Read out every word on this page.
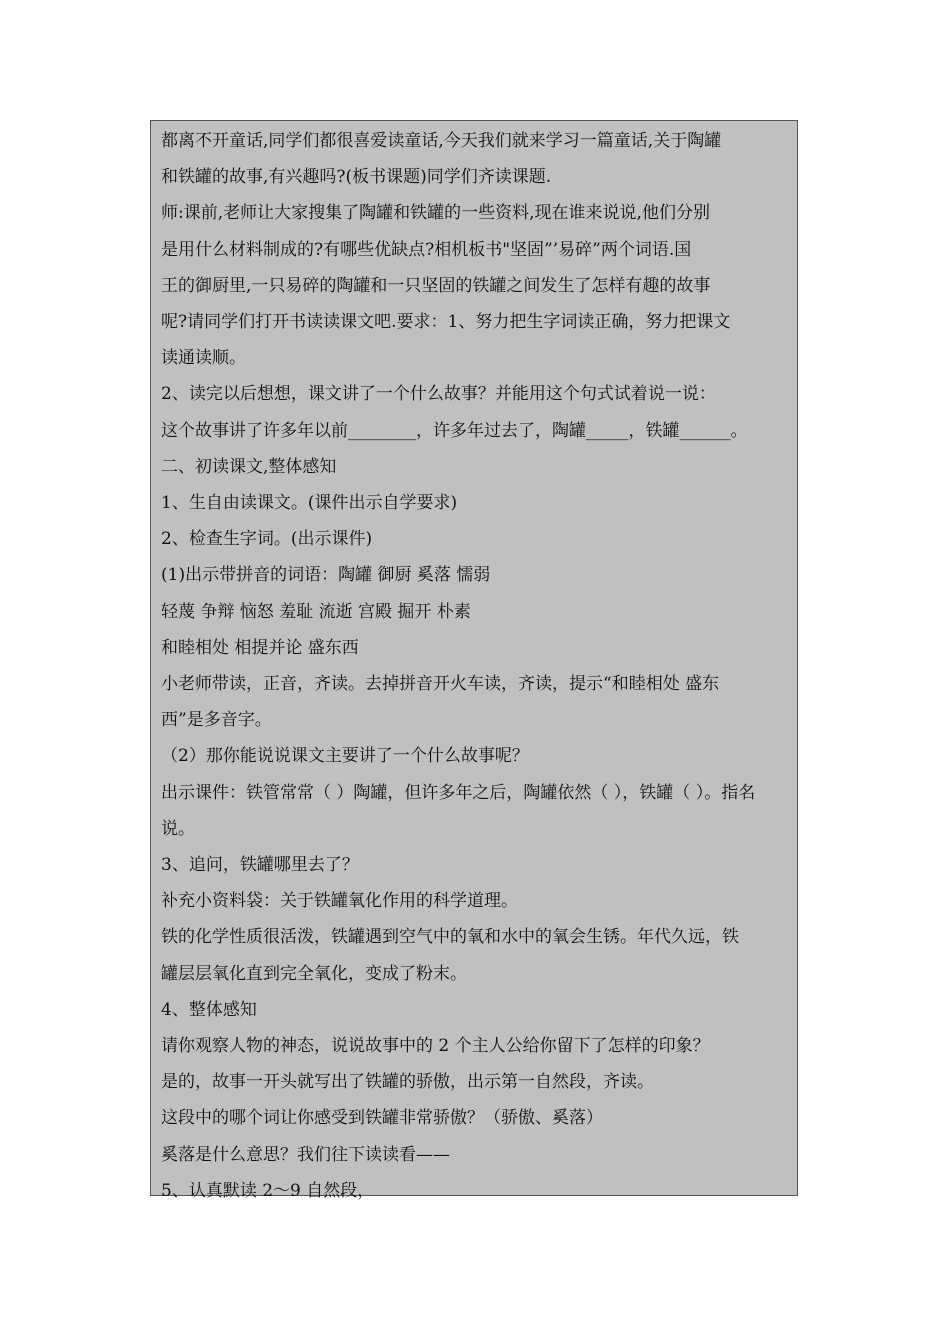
都离不开童话,同学们都很喜爱读童话,今天我们就来学习一篇童话,关于陶罐
和铁罐的故事,有兴趣吗?(板书课题)同学们齐读课题.
师:课前,老师让大家搜集了陶罐和铁罐的一些资料,现在谁来说说,他们分别
是用什么材料制成的?有哪些优缺点?相机板书"坚固”’易碎”两个词语.国
王的御厨里,一只易碎的陶罐和一只坚固的铁罐之间发生了怎样有趣的故事
呢?请同学们打开书读读课文吧.要求：1、努力把生字词读正确，努力把课文
读通读顺。
2、读完以后想想，课文讲了一个什么故事？并能用这个句式试着说一说：
这个故事讲了许多年以前________，许多年过去了，陶罐_____，铁罐______。
二、初读课文,整体感知
1、生自由读课文。(课件出示自学要求)
2、检查生字词。(出示课件)
(1)出示带拼音的词语：陶罐 御厨 奚落 懦弱
轻蔑 争辩 恼怒 羞耻 流逝 宫殿 掘开 朴素
和睦相处 相提并论 盛东西
小老师带读，正音，齐读。去掉拼音开火车读，齐读，提示“和睦相处 盛东
西”是多音字。
（2）那你能说说课文主要讲了一个什么故事呢？
出示课件：铁管常常（ ）陶罐，但许多年之后，陶罐依然（ ），铁罐（ ）。指名
说。
3、追问，铁罐哪里去了？
补充小资料袋：关于铁罐氧化作用的科学道理。
铁的化学性质很活泼，铁罐遇到空气中的氧和水中的氧会生锈。年代久远，铁
罐层层氧化直到完全氧化，变成了粉末。
4、整体感知
请你观察人物的神态，说说故事中的 2 个主人公给你留下了怎样的印象？
是的，故事一开头就写出了铁罐的骄傲，出示第一自然段，齐读。
这段中的哪个词让你感受到铁罐非常骄傲？（骄傲、奚落）
奚落是什么意思？我们往下读读看——
5、认真默读 2～9 自然段，
